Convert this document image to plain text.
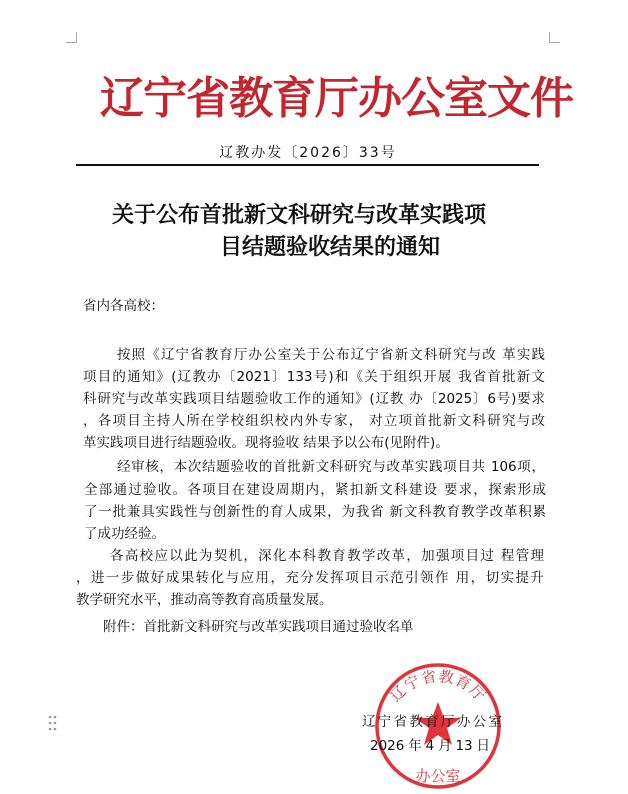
辽宁省教育厅办公室文件
辽教办发〔2026〕33号
关于公布首批新文科研究与改革实践项
目结题验收结果的通知
省内各高校：
按照《辽宁省教育厅办公室关于公布辽宁省新文科研究与改 革实践
项目的通知》(辽教办〔2021〕133号)和《关于组织开展 我省首批新文
科研究与改革实践项目结题验收工作的通知》(辽教 办〔2025〕6号)要求
，各项目主持人所在学校组织校内外专家， 对立项首批新文科研究与改
革实践项目进行结题验收。现将验收 结果予以公布(见附件)。
经审核，本次结题验收的首批新文科研究与改革实践项目共 106项，
全部通过验收。各项目在建设周期内，紧扣新文科建设 要求，探索形成
了一批兼具实践性与创新性的育人成果，为我省 新文科教育教学改革积累
了成功经验。
各高校应以此为契机，深化本科教育教学改革，加强项目过 程管理
，进一步做好成果转化与应用，充分发挥项目示范引领作 用，切实提升
教学研究水平，推动高等教育高质量发展。
附件：首批新文科研究与改革实践项目通过验收名单
辽宁省教育厅
办公室
辽宁省教育厅办公室
2026年4月13日
